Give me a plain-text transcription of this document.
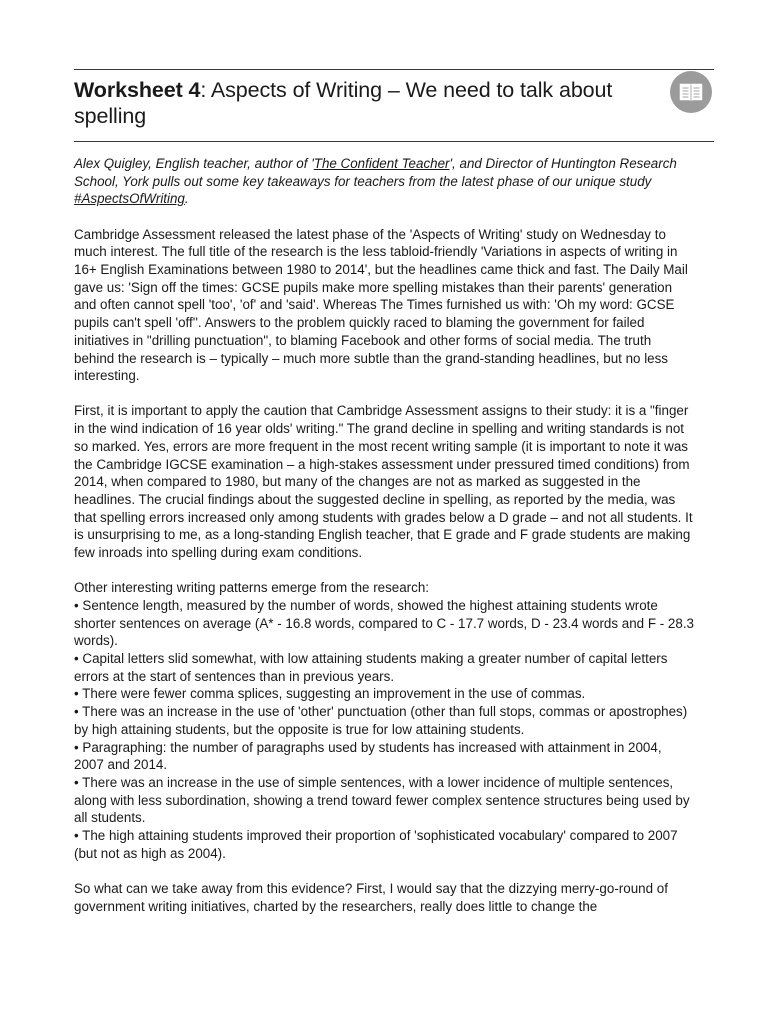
Worksheet 4: Aspects of Writing – We need to talk about spelling

Alex Quigley, English teacher, author of 'The Confident Teacher', and Director of Huntington Research School, York pulls out some key takeaways for teachers from the latest phase of our unique study #AspectsOfWriting.

Cambridge Assessment released the latest phase of the 'Aspects of Writing' study on Wednesday to much interest. The full title of the research is the less tabloid-friendly 'Variations in aspects of writing in 16+ English Examinations between 1980 to 2014', but the headlines came thick and fast. The Daily Mail gave us: 'Sign off the times: GCSE pupils make more spelling mistakes than their parents' generation and often cannot spell 'too', 'of' and 'said'. Whereas The Times furnished us with: 'Oh my word: GCSE pupils can't spell 'off''. Answers to the problem quickly raced to blaming the government for failed initiatives in "drilling punctuation", to blaming Facebook and other forms of social media. The truth behind the research is – typically – much more subtle than the grand-standing headlines, but no less interesting.

First, it is important to apply the caution that Cambridge Assessment assigns to their study: it is a "finger in the wind indication of 16 year olds' writing." The grand decline in spelling and writing standards is not so marked. Yes, errors are more frequent in the most recent writing sample (it is important to note it was the Cambridge IGCSE examination – a high-stakes assessment under pressured timed conditions) from 2014, when compared to 1980, but many of the changes are not as marked as suggested in the headlines. The crucial findings about the suggested decline in spelling, as reported by the media, was that spelling errors increased only among students with grades below a D grade – and not all students. It is unsurprising to me, as a long-standing English teacher, that E grade and F grade students are making few inroads into spelling during exam conditions.

Other interesting writing patterns emerge from the research:

• Sentence length, measured by the number of words, showed the highest attaining students wrote shorter sentences on average (A* - 16.8 words, compared to C - 17.7 words, D - 23.4 words and F - 28.3 words).
• Capital letters slid somewhat, with low attaining students making a greater number of capital letters errors at the start of sentences than in previous years.
• There were fewer comma splices, suggesting an improvement in the use of commas.
• There was an increase in the use of 'other' punctuation (other than full stops, commas or apostrophes) by high attaining students, but the opposite is true for low attaining students.
• Paragraphing: the number of paragraphs used by students has increased with attainment in 2004, 2007 and 2014.
• There was an increase in the use of simple sentences, with a lower incidence of multiple sentences, along with less subordination, showing a trend toward fewer complex sentence structures being used by all students.
• The high attaining students improved their proportion of 'sophisticated vocabulary' compared to 2007 (but not as high as 2004).

So what can we take away from this evidence? First, I would say that the dizzying merry-go-round of government writing initiatives, charted by the researchers, really does little to change the
